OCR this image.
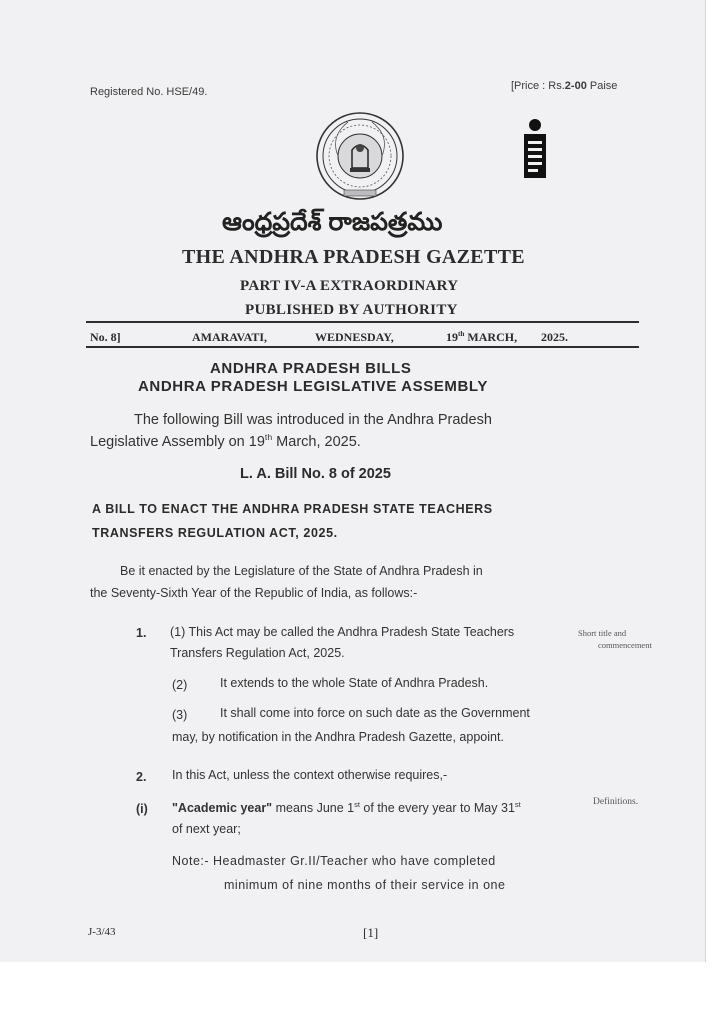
Registered No. HSE/49.	[Price : Rs.2-00 Paise
ఆంధ్రప్రదేశ్ రాజపత్రము
THE ANDHRA PRADESH GAZETTE
PART IV-A EXTRAORDINARY
PUBLISHED BY AUTHORITY
No. 8]	AMARAVATI,	WEDNESDAY,	19th MARCH, 2025.
ANDHRA PRADESH BILLS
ANDHRA PRADESH LEGISLATIVE ASSEMBLY
The following Bill was introduced in the Andhra Pradesh
Legislative Assembly on 19th March, 2025.
L. A. Bill No. 8 of 2025
A BILL TO ENACT THE ANDHRA PRADESH STATE TEACHERS
TRANSFERS REGULATION ACT, 2025.
Be it enacted by the Legislature of the State of Andhra Pradesh in
the Seventy-Sixth Year of the Republic of India, as follows:-
1. (1) This Act may be called the Andhra Pradesh State Teachers
Transfers Regulation Act, 2025.
Short title and
commencement
(2)	It extends to the whole State of Andhra Pradesh.
(3)	It shall come into force on such date as the Government
may, by notification in the Andhra Pradesh Gazette, appoint.
2. In this Act, unless the context otherwise requires,-
(i) "Academic year" means June 1st of the every year to May 31st
of next year;
Definitions.
Note:- Headmaster Gr.II/Teacher who have completed
minimum of nine months of their service in one
J-3/43	[1]
